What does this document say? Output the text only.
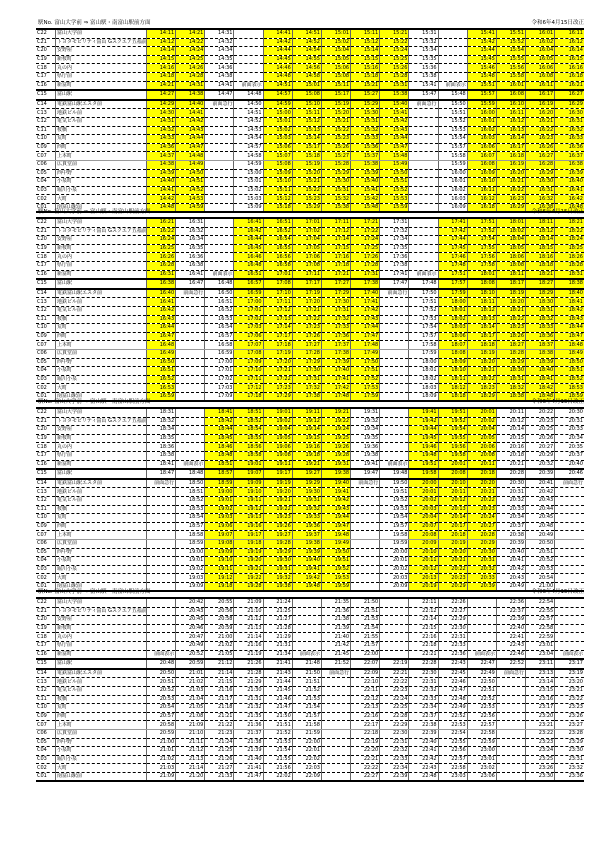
駅No. 富山大学前 ⇒ 富山駅・南富山駅前方面	令和6年4月15日改正
C22	富山大学前	14:11	14:21	14:31		14:41	14:51	15:01	15:11	15:21	15:31		15:41	15:51	16:01	16:11
C21	トヨタモビリティ富山 Gスクエア五福前	14:12	14:22	14:32		14:42	14:52	15:02	15:12	15:22	15:32		15:42	15:52	16:02	16:12
C20	安野屋	14:14	14:24	14:34		14:44	14:54	15:04	15:14	15:24	15:34		15:44	15:54	16:04	16:14
C19	新桜町	14:15	14:25	14:35		14:45	14:55	15:05	15:15	15:25	15:35		15:45	15:55	16:05	16:15
C18	丸の内	14:16	14:26	14:36		14:46	14:56	15:06	15:16	15:26	15:36		15:46	15:56	16:06	16:16
C17	県庁前	14:18	14:28	14:38		14:48	14:58	15:08	15:18	15:28	15:38		15:48	15:58	16:08	16:18
C16	新富町	14:21	14:31	14:41	前面表示	14:51	15:01	15:11	15:21	15:31	15:41	前面表示	15:51	16:01	16:11	16:21
C15	富山駅	14:27	14:38	14:47	14:48	14:57	15:08	15:17	15:27	15:38	15:47	15:48	15:57	16:08	16:17	16:27
C14	電鉄富山駅エスタ前	14:29	14:40	前面急行	14:50	14:59	15:10	15:19	15:29	15:40	前面急行	15:50	15:59	16:10	16:19	16:29
C13	地鉄ビル前	14:30	14:41		14:51	15:00	15:11	15:20	15:30	15:41		15:51	16:00	16:11	16:20	16:30
C12	電気ビル前	14:31	14:42		14:52	15:01	15:12	15:21	15:31	15:42		15:52	16:01	16:12	16:21	16:31
C11	桜橋	14:32	14:43		14:53	15:02	15:13	15:22	15:32	15:43		15:53	16:02	16:13	16:22	16:32
C10	荒町	14:33	14:44		14:54	15:03	15:14	15:23	15:33	15:44		15:54	16:03	16:14	16:23	16:33
C09	西町	14:36	14:47		14:57	15:06	15:17	15:26	15:36	15:47		15:57	16:06	16:17	16:26	16:36
C07	上本町	14:37	14:48		14:58	15:07	15:18	15:27	15:37	15:48		15:58	16:07	16:18	16:27	16:37
C06	広貫堂前	14:38	14:49		14:59	15:08	15:19	15:28	15:38	15:49		15:59	16:08	16:19	16:28	16:38
C05	西中野	14:39	14:50		15:00	15:09	15:20	15:29	15:39	15:50		16:00	16:09	16:20	16:29	16:39
C04	小泉町	14:40	14:51		15:01	15:10	15:21	15:30	15:40	15:51		16:01	16:10	16:21	16:30	16:40
C03	堀川小泉	14:41	14:52		15:02	15:11	15:22	15:31	15:41	15:52		16:02	16:11	16:22	16:31	16:41
C02	大町	14:42	14:53		15:03	15:12	15:23	15:32	15:42	15:53		16:03	16:12	16:23	16:32	16:42
C01	南富山駅前	14:48	14:59		15:09	15:18	15:29	15:38	15:48	15:59		16:09	16:18	16:29	16:38	16:48
駅No. 富山大学前 ⇒ 富山駅・南富山駅前方面	令和6年4月15日改正
C22	富山大学前	16:21	16:31		16:41	16:51	17:01	17:11	17:21	17:31		17:41	17:51	18:01	18:11	18:21
C21	トヨタモビリティ富山 Gスクエア五福前	16:22	16:32		16:42	16:52	17:02	17:12	17:22	17:32		17:42	17:52	18:02	18:12	18:22
C20	安野屋	16:24	16:34		16:44	16:54	17:04	17:14	17:24	17:34		17:44	17:54	18:04	18:14	18:24
C19	新桜町	16:25	16:35		16:45	16:55	17:05	17:15	17:25	17:35		17:45	17:55	18:05	18:15	18:25
C18	丸の内	16:26	16:36		16:46	16:56	17:06	17:16	17:26	17:36		17:46	17:56	18:06	18:16	18:26
C17	県庁前	16:28	16:38		16:48	16:58	17:08	17:18	17:28	17:38		17:48	17:58	18:08	18:18	18:28
C16	新富町	16:31	16:41	前面表示	16:51	17:01	17:11	17:21	17:31	17:41	前面表示	17:51	18:01	18:11	18:21	18:31
C15	富山駅	16:38	16:47	16:48	16:57	17:08	17:17	17:27	17:38	17:47	17:48	17:57	18:08	18:17	18:27	18:38
C14	電鉄富山駅エスタ前	16:40	前面急行	16:50	16:59	17:10	17:19	17:29	17:40	前面急行	17:50	17:59	18:10	18:19	18:29	18:40
C13	地鉄ビル前	16:41		16:51	17:00	17:11	17:20	17:30	17:41		17:51	18:00	18:11	18:20	18:30	18:41
C12	電気ビル前	16:42		16:52	17:01	17:12	17:21	17:31	17:42		17:52	18:01	18:12	18:21	18:31	18:42
C11	桜橋	16:43		16:53	17:02	17:13	17:22	17:32	17:43		17:53	18:02	18:13	18:22	18:32	18:43
C10	荒町	16:44		16:54	17:03	17:14	17:23	17:33	17:44		17:54	18:03	18:14	18:23	18:33	18:44
C09	西町	16:47		16:57	17:06	17:17	17:26	17:36	17:47		17:57	18:06	18:17	18:26	18:36	18:47
C07	上本町	16:48		16:58	17:07	17:18	17:27	17:37	17:48		17:58	18:07	18:18	18:27	18:37	18:48
C06	広貫堂前	16:49		16:59	17:08	17:19	17:28	17:38	17:49		17:59	18:08	18:19	18:28	18:38	18:49
C05	西中野	16:50		17:00	17:09	17:20	17:29	17:39	17:50		18:00	18:09	18:20	18:29	18:39	18:50
C04	小泉町	16:51		17:01	17:10	17:21	17:30	17:40	17:51		18:01	18:10	18:21	18:30	18:40	18:51
C03	堀川小泉	16:52		17:02	17:11	17:22	17:31	17:41	17:52		18:02	18:11	18:22	18:31	18:41	18:52
C02	大町	16:53		17:03	17:12	17:23	17:32	17:42	17:53		18:03	18:12	18:23	18:32	18:42	18:53
C01	南富山駅前	16:59		17:09	17:18	17:29	17:38	17:48	17:59		18:09	18:18	18:29	18:38	18:48	18:59
駅No. 富山大学前 ⇒ 富山駅・南富山駅前方面	令和6年4月15日改正
C22	富山大学前	18:31		18:41	18:51	19:01	19:11	19:21	19:31		19:41	19:51	20:01	20:11	20:22	20:30
C21	トヨタモビリティ富山 Gスクエア五福前	18:32		18:42	18:52	19:02	19:12	19:22	19:32		19:42	19:52	20:02	20:12	20:23	20:31
C20	安野屋	18:34		18:44	18:54	19:04	19:14	19:24	19:34		19:44	19:54	20:04	20:14	20:25	20:33
C19	新桜町	18:35		18:45	18:55	19:05	19:15	19:25	19:35		19:45	19:55	20:05	20:15	20:26	20:34
C18	丸の内	18:36		18:46	18:56	19:06	19:16	19:26	19:36		19:46	19:56	20:06	20:16	20:27	20:35
C17	県庁前	18:38		18:48	18:58	19:08	19:18	19:28	19:38		19:48	19:58	20:08	20:18	20:29	20:37
C16	新富町	18:41	前面表示	18:51	19:01	19:11	19:21	19:31	19:41	前面表示	19:51	20:01	20:11	20:21	20:32	20:40
C15	富山駅	18:47	18:48	18:57	19:07	19:17	19:27	19:38	19:47	19:48	19:58	20:08	20:18	20:28	20:39	20:46
C14	電鉄富山駅エスタ前	前面急行	18:50	18:59	19:09	19:19	19:29	19:40	前面急行	19:50	20:00	20:10	20:20	20:30	20:41	前面急行
C13	地鉄ビル前		18:51	19:00	19:10	19:20	19:30	19:41		19:51	20:01	20:11	20:21	20:31	20:42	
C12	電気ビル前		18:52	19:01	19:11	19:21	19:31	19:42		19:52	20:02	20:12	20:22	20:32	20:43	
C11	桜橋		18:53	19:02	19:12	19:22	19:32	19:43		19:53	20:03	20:13	20:23	20:33	20:44	
C10	荒町		18:54	19:03	19:13	19:23	19:33	19:44		19:54	20:04	20:14	20:24	20:34	20:45	
C09	西町		18:57	19:06	19:16	19:26	19:36	19:47		19:57	20:07	20:17	20:27	20:37	20:48	
C07	上本町		18:58	19:07	19:17	19:27	19:37	19:48		19:58	20:08	20:18	20:28	20:38	20:49	
C06	広貫堂前		18:59	19:08	19:18	19:28	19:38	19:49		19:59	20:09	20:19	20:29	20:39	20:50	
C05	西中野		19:00	19:09	19:19	19:29	19:39	19:50		20:00	20:10	20:20	20:30	20:40	20:51	
C04	小泉町		19:01	19:10	19:20	19:30	19:40	19:51		20:01	20:11	20:21	20:31	20:41	20:52	
C03	堀川小泉		19:02	19:11	19:21	19:31	19:41	19:52		20:02	20:12	20:22	20:32	20:42	20:53	
C02	大町		19:03	19:12	19:22	19:32	19:42	19:53		20:03	20:13	20:23	20:33	20:43	20:54	
C01	南富山駅前		19:09	19:18	19:28	19:38	19:48	19:59		20:09	20:19	20:29	20:39	20:49	21:00	
駅No. 富山大学前 ⇒ 富山駅・南富山駅前方面	令和6年4月15日改正
C22	富山大学前		20:42	20:55	21:09	21:24		21:35	21:50		22:11	22:26		22:36	22:54	
C21	トヨタモビリティ富山 Gスクエア五福前		20:43	20:56	21:10	21:25		21:36	21:51		22:12	22:27		22:37	22:55	
C20	安野屋		20:45	20:58	21:12	21:27		21:38	21:53		22:14	22:29		22:39	22:57	
C19	新桜町		20:46	20:59	21:13	21:28		21:39	21:54		22:15	22:30		22:40	22:58	
C18	丸の内		20:47	21:00	21:14	21:29		21:40	21:55		22:16	22:31		22:41	22:59	
C17	県庁前		20:49	21:02	21:16	21:31		21:42	21:57		22:18	22:33		22:43	23:01	
C16	新富町	前面表示	20:52	21:05	21:19	21:34	前面表示	21:45	22:00		22:21	22:36	前面表示	22:46	23:04	前面表示
C15	富山駅	20:48	20:59	21:12	21:26	21:41	21:48	21:52	22:07	22:19	22:28	22:43	22:47	22:52	23:11	23:17
C14	電鉄富山駅エスタ前	20:50	21:01	21:14	21:28	21:43	21:50	前面急行	22:09	22:21	22:30	22:45	22:49	前面急行	23:13	23:19
C13	地鉄ビル前	20:51	21:02	21:15	21:29	21:44	21:51		22:10	22:22	22:31	22:46	22:50		23:14	23:20
C12	電気ビル前	20:52	21:03	21:16	21:30	21:45	21:52		22:11	22:23	22:32	22:47	22:51		23:15	23:21
C11	桜橋	20:53	21:04	21:17	21:31	21:46	21:53		22:12	22:24	22:33	22:48	22:52		23:16	23:22
C10	荒町	20:54	21:05	21:18	21:32	21:47	21:54		22:13	22:25	22:34	22:49	22:53		23:17	23:23
C09	西町	20:57	21:08	21:21	21:35	21:50	21:57		22:16	22:28	22:37	22:52	22:56		23:20	23:26
C07	上本町	20:58	21:09	21:22	21:36	21:51	21:58		22:17	22:29	22:38	22:53	22:57		23:21	23:27
C06	広貫堂前	20:59	21:10	21:23	21:37	21:52	21:59		22:18	22:30	22:39	22:54	22:58		23:22	23:28
C05	西中野	21:00	21:11	21:24	21:38	21:53	22:00		22:19	22:31	22:40	22:55	22:59		23:23	23:29
C04	小泉町	21:01	21:12	21:25	21:39	21:54	22:01		22:20	22:32	22:41	22:56	23:00		23:24	23:30
C03	堀川小泉	21:02	21:13	21:26	21:40	21:55	22:02		22:21	22:33	22:42	22:57	23:01		23:25	23:31
C02	大町	21:03	21:14	21:27	21:41	21:56	22:03		22:22	22:34	22:43	22:58	23:02		23:26	23:32
C01	南富山駅前	21:09	21:20	21:33	21:47	22:02	22:09		22:27	22:39	22:48	23:03	23:06		23:30	23:36
